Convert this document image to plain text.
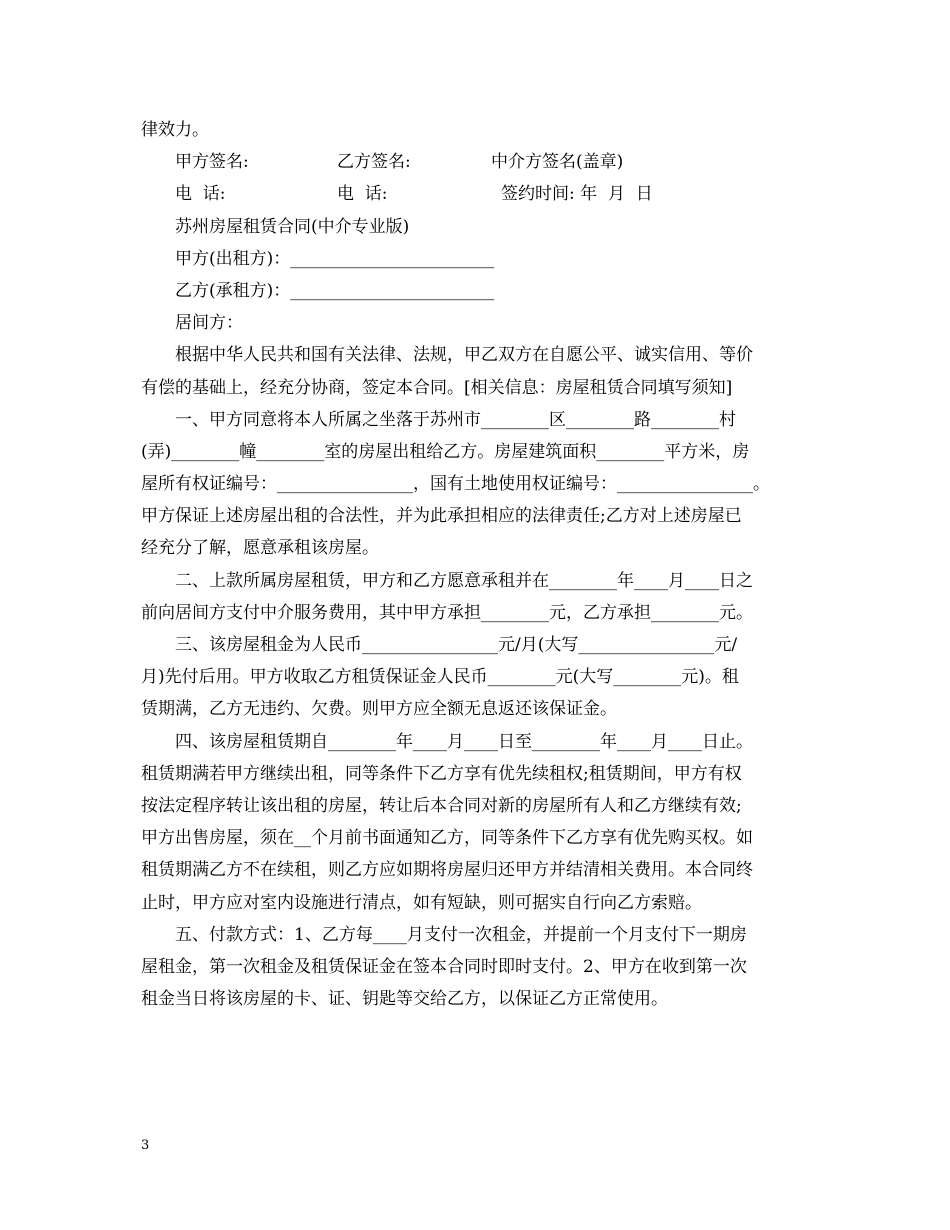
律效力。
甲方签名:	乙方签名:	中介方签名(盖章)
电  话:	电  话:	签约时间: 年  月  日
苏州房屋租赁合同(中介专业版)
甲方(出租方)：________________________
乙方(承租方)：________________________
居间方：
根据中华人民共和国有关法律、法规，甲乙双方在自愿公平、诚实信用、等价
有偿的基础上，经充分协商，签定本合同。[相关信息：房屋租赁合同填写须知]
一、甲方同意将本人所属之坐落于苏州市________区________路________村
(弄)________幢________室的房屋出租给乙方。房屋建筑面积________平方米，房
屋所有权证编号：________________，国有土地使用权证编号：________________。
甲方保证上述房屋出租的合法性，并为此承担相应的法律责任;乙方对上述房屋已
经充分了解，愿意承租该房屋。
二、上款所属房屋租赁，甲方和乙方愿意承租并在________年____月____日之
前向居间方支付中介服务费用，其中甲方承担________元，乙方承担________元。
三、该房屋租金为人民币________________元/月(大写________________元/
月)先付后用。甲方收取乙方租赁保证金人民币________元(大写________元)。租
赁期满，乙方无违约、欠费。则甲方应全额无息返还该保证金。
四、该房屋租赁期自________年____月____日至________年____月____日止。
租赁期满若甲方继续出租，同等条件下乙方享有优先续租权;租赁期间，甲方有权
按法定程序转让该出租的房屋，转让后本合同对新的房屋所有人和乙方继续有效;
甲方出售房屋，须在__个月前书面通知乙方，同等条件下乙方享有优先购买权。如
租赁期满乙方不在续租，则乙方应如期将房屋归还甲方并结清相关费用。本合同终
止时，甲方应对室内设施进行清点，如有短缺，则可据实自行向乙方索赔。
五、付款方式：1、乙方每____月支付一次租金，并提前一个月支付下一期房
屋租金，第一次租金及租赁保证金在签本合同时即时支付。2、甲方在收到第一次
租金当日将该房屋的卡、证、钥匙等交给乙方，以保证乙方正常使用。
3
